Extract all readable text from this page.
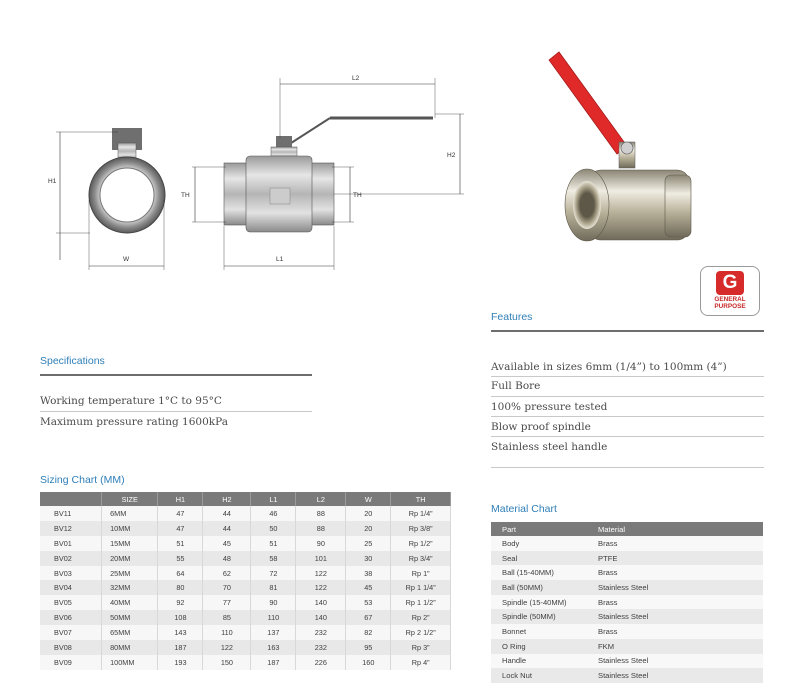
H1
W
TH	TH
L1
L2
H2
G
GENERAL
PURPOSE
Features
Available in sizes 6mm (1/4”) to 100mm (4”)
Full Bore
100% pressure tested
Blow proof spindle
Stainless steel handle
Specifications
Working temperature 1°C to 95°C
Maximum pressure rating 1600kPa
Sizing Chart (MM)
	SIZE	H1	H2	L1	L2	W	TH
BV11	6MM	47	44	46	88	20	Rp 1/4”
BV12	10MM	47	44	50	88	20	Rp 3/8”
BV01	15MM	51	45	51	90	25	Rp 1/2”
BV02	20MM	55	48	58	101	30	Rp 3/4”
BV03	25MM	64	62	72	122	38	Rp 1”
BV04	32MM	80	70	81	122	45	Rp 1 1/4”
BV05	40MM	92	77	90	140	53	Rp 1 1/2”
BV06	50MM	108	85	110	140	67	Rp 2”
BV07	65MM	143	110	137	232	82	Rp 2 1/2”
BV08	80MM	187	122	163	232	95	Rp 3”
BV09	100MM	193	150	187	226	160	Rp 4”
Material Chart
Part	Material
Body	Brass
Seal	PTFE
Ball (15-40MM)	Brass
Ball (50MM)	Stainless Steel
Spindle (15-40MM)	Brass
Spindle (50MM)	Stainless Steel
Bonnet	Brass
O Ring	FKM
Handle	Stainless Steel
Lock Nut	Stainless Steel
